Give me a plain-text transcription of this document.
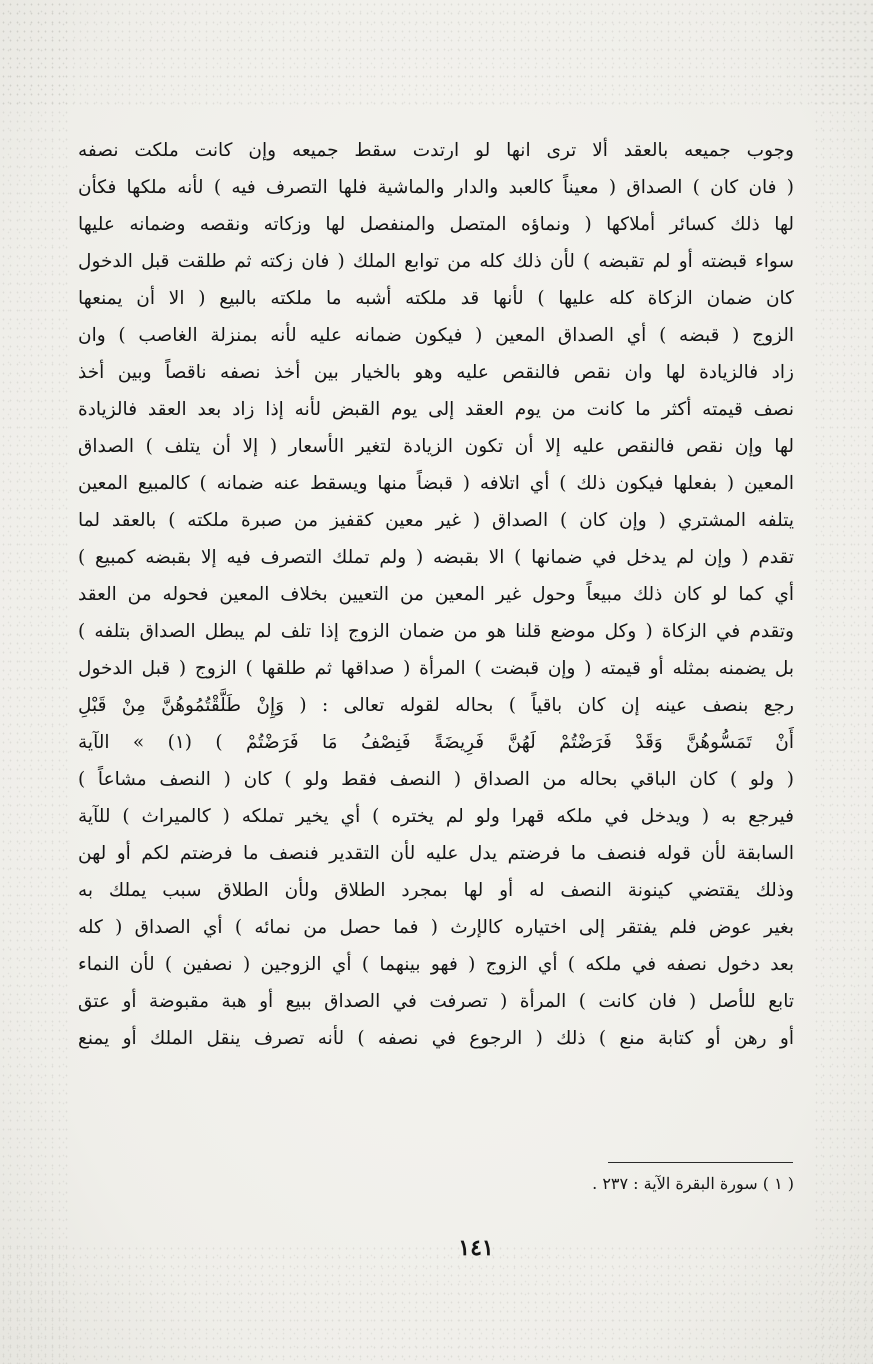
وجوب جميعه بالعقد ألا ترى انها لو ارتدت سقط جميعه وإن كانت ملكت نصفه
( فان كان ) الصداق ( معيناً كالعبد والدار والماشية فلها التصرف فيه ) لأنه ملكها فكأن
لها ذلك كسائر أملاكها ( ونماؤه المتصل والمنفصل لها وزكاته ونقصه وضمانه عليها
سواء قبضته أو لم تقبضه ) لأن ذلك كله من توابع الملك ( فان زكته ثم طلقت قبل الدخول
كان ضمان الزكاة كله عليها ) لأنها قد ملكته أشبه ما ملكته بالبيع ( الا أن يمنعها
الزوج ( قبضه ) أي الصداق المعين ( فيكون ضمانه عليه لأنه بمنزلة الغاصب ) وان
زاد فالزيادة لها وان نقص فالنقص عليه وهو بالخيار بين أخذ نصفه ناقصاً وبين أخذ
نصف قيمته أكثر ما كانت من يوم العقد إلى يوم القبض لأنه إذا زاد بعد العقد فالزيادة
لها وإن نقص فالنقص عليه إلا أن تكون الزيادة لتغير الأسعار ( إلا أن يتلف ) الصداق
المعين ( بفعلها فيكون ذلك ) أي اتلافه ( قبضاً منها ويسقط عنه ضمانه ) كالمبيع المعين
يتلفه المشتري ( وإن كان ) الصداق ( غير معين كقفيز من صبرة ملكته ) بالعقد لما
تقدم ( وإن لم يدخل في ضمانها ) الا بقبضه ( ولم تملك التصرف فيه إلا بقبضه كمبيع )
أي كما لو كان ذلك مبيعاً وحول غير المعين من التعيين بخلاف المعين فحوله من العقد
وتقدم في الزكاة ( وكل موضع قلنا هو من ضمان الزوج إذا تلف لم يبطل الصداق بتلفه )
بل يضمنه بمثله أو قيمته ( وإن قبضت ) المرأة ( صداقها ثم طلقها ) الزوج ( قبل الدخول
رجع بنصف عينه إن كان باقياً ) بحاله لقوله تعالى : ( وَإِنْ طَلَّقْتُمُوهُنَّ مِنْ قَبْلِ
أَنْ تَمَسُّوهُنَّ وَقَدْ فَرَضْتُمْ لَهُنَّ فَرِيضَةً فَنِصْفُ مَا فَرَضْتُمْ ) (١) » الآية
( ولو ) كان الباقي بحاله من الصداق ( النصف فقط ولو ) كان ( النصف مشاعاً )
فيرجع به ( ويدخل في ملكه قهرا ولو لم يختره ) أي يخير تملكه ( كالميراث ) للآية
السابقة لأن قوله فنصف ما فرضتم يدل عليه لأن التقدير فنصف ما فرضتم لكم أو لهن
وذلك يقتضي كينونة النصف له أو لها بمجرد الطلاق ولأن الطلاق سبب يملك به
بغير عوض فلم يفتقر إلى اختياره كالإرث ( فما حصل من نمائه ) أي الصداق ( كله
بعد دخول نصفه في ملكه ) أي الزوج ( فهو بينهما ) أي الزوجين ( نصفين ) لأن النماء
تابع للأصل ( فان كانت ) المرأة ( تصرفت في الصداق ببيع أو هبة مقبوضة أو عتق
أو رهن أو كتابة منع ) ذلك ( الرجوع في نصفه ) لأنه تصرف ينقل الملك أو يمنع
( ١ ) سورة البقرة الآية : ٢٣٧ .
١٤١
